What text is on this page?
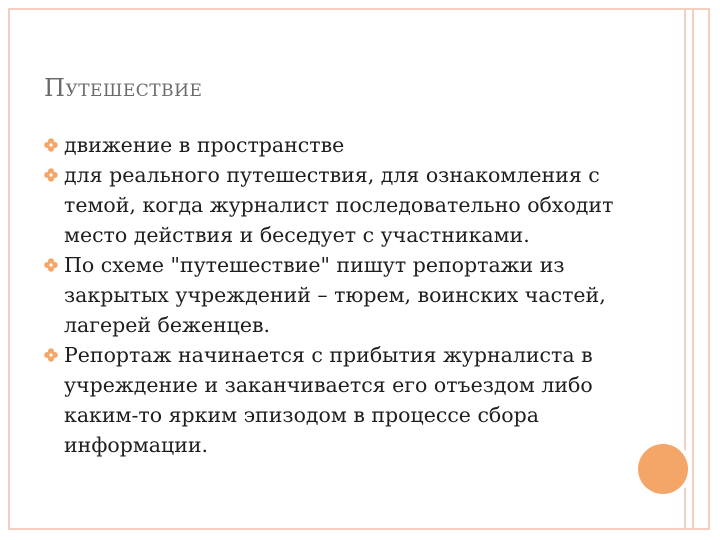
ПУТЕШЕСТВИЕ
движение в пространстве
для реального путешествия, для ознакомления с темой, когда журналист последовательно обходит место действия и беседует с участниками.
По схеме "путешествие" пишут репортажи из закрытых учреждений – тюрем, воинских частей, лагерей беженцев.
Репортаж начинается с прибытия журналиста в учреждение и заканчивается его отъездом либо каким-то ярким эпизодом в процессе сбора информации.
